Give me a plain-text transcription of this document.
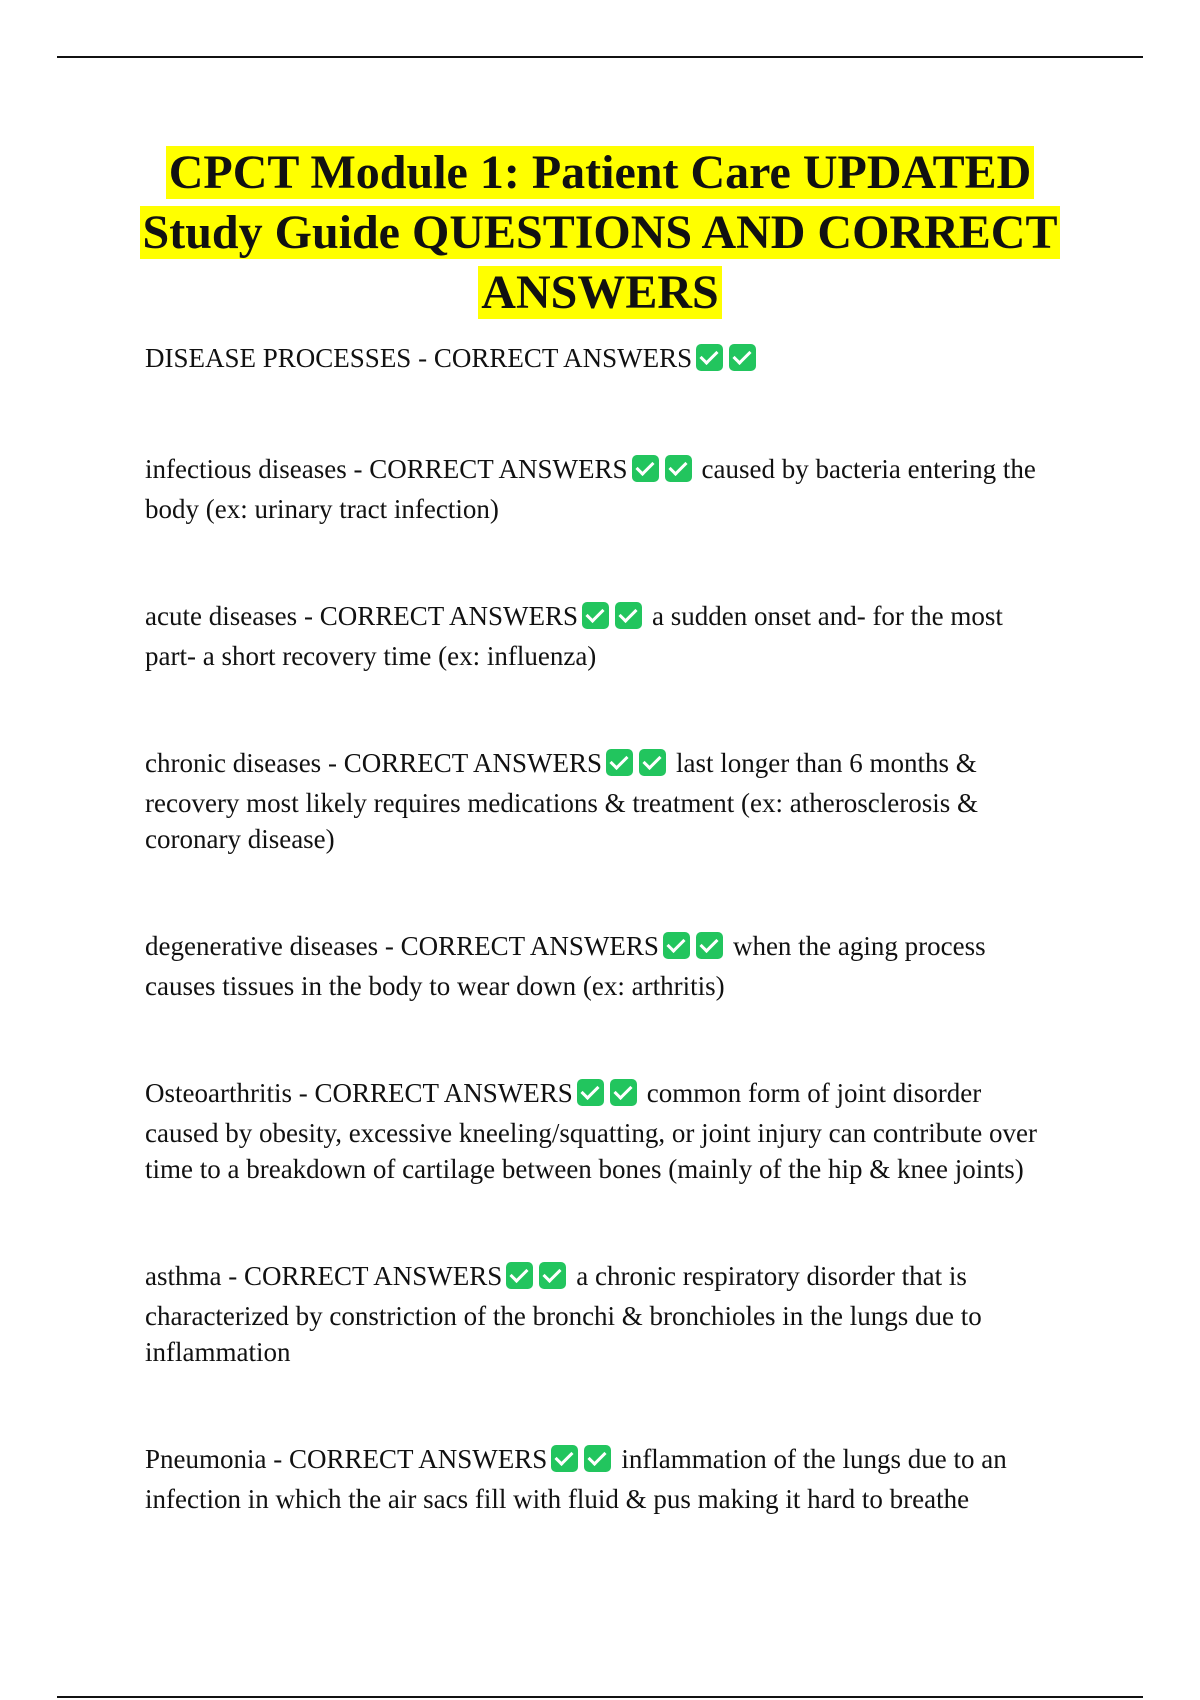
CPCT Module 1: Patient Care UPDATED Study Guide QUESTIONS AND CORRECT ANSWERS
DISEASE PROCESSES - CORRECT ANSWERS
infectious diseases - CORRECT ANSWERS	caused by bacteria entering the body (ex: urinary tract infection)
acute diseases - CORRECT ANSWERS	a sudden onset and- for the most part- a short recovery time (ex: influenza)
chronic diseases - CORRECT ANSWERS	last longer than 6 months & recovery most likely requires medications & treatment (ex: atherosclerosis & coronary disease)
degenerative diseases - CORRECT ANSWERS	when the aging process causes tissues in the body to wear down (ex: arthritis)
Osteoarthritis - CORRECT ANSWERS	common form of joint disorder caused by obesity, excessive kneeling/squatting, or joint injury can contribute over time to a breakdown of cartilage between bones (mainly of the hip & knee joints)
asthma - CORRECT ANSWERS	a chronic respiratory disorder that is characterized by constriction of the bronchi & bronchioles in the lungs due to inflammation
Pneumonia - CORRECT ANSWERS	inflammation of the lungs due to an infection in which the air sacs fill with fluid & pus making it hard to breathe
